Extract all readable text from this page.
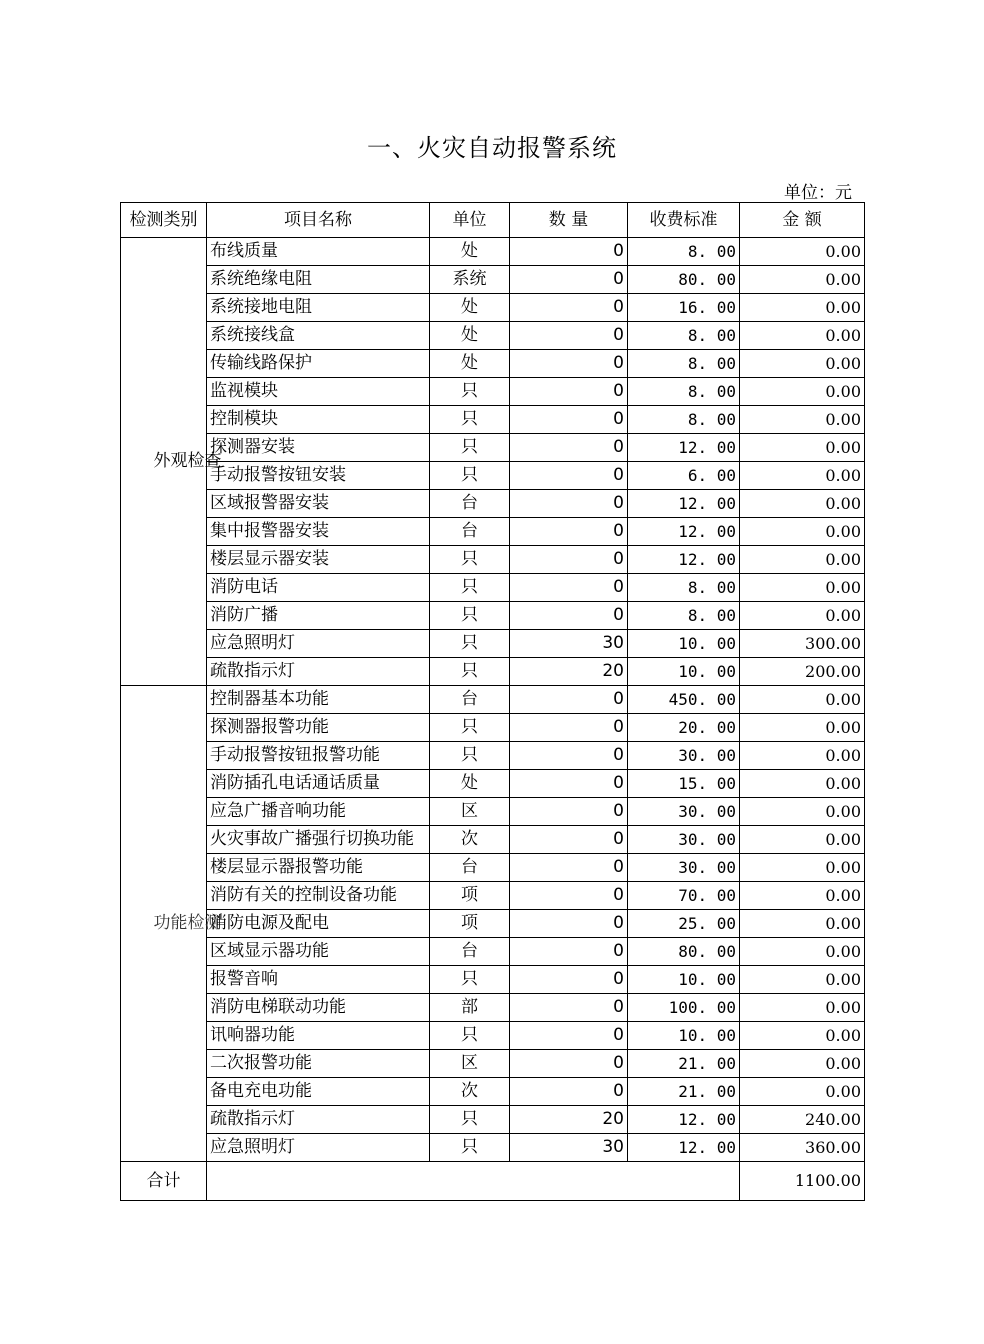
一、火灾自动报警系统
单位：元
检测类别	项目名称	单位	数 量	收费标准	金 额
外观检查	布线质量	处	0	8. 00	0.00
	系统绝缘电阻	系统	0	80. 00	0.00
	系统接地电阻	处	0	16. 00	0.00
	系统接线盒	处	0	8. 00	0.00
	传输线路保护	处	0	8. 00	0.00
	监视模块	只	0	8. 00	0.00
	控制模块	只	0	8. 00	0.00
	探测器安装	只	0	12. 00	0.00
	手动报警按钮安装	只	0	6. 00	0.00
	区域报警器安装	台	0	12. 00	0.00
	集中报警器安装	台	0	12. 00	0.00
	楼层显示器安装	只	0	12. 00	0.00
	消防电话	只	0	8. 00	0.00
	消防广播	只	0	8. 00	0.00
	应急照明灯	只	30	10. 00	300.00
	疏散指示灯	只	20	10. 00	200.00
功能检测	控制器基本功能	台	0	450. 00	0.00
	探测器报警功能	只	0	20. 00	0.00
	手动报警按钮报警功能	只	0	30. 00	0.00
	消防插孔电话通话质量	处	0	15. 00	0.00
	应急广播音响功能	区	0	30. 00	0.00
	火灾事故广播强行切换功能	次	0	30. 00	0.00
	楼层显示器报警功能	台	0	30. 00	0.00
	消防有关的控制设备功能	项	0	70. 00	0.00
	消防电源及配电	项	0	25. 00	0.00
	区域显示器功能	台	0	80. 00	0.00
	报警音响	只	0	10. 00	0.00
	消防电梯联动功能	部	0	100. 00	0.00
	讯响器功能	只	0	10. 00	0.00
	二次报警功能	区	0	21. 00	0.00
	备电充电功能	次	0	21. 00	0.00
	疏散指示灯	只	20	12. 00	240.00
	应急照明灯	只	30	12. 00	360.00
合计					1100.00
